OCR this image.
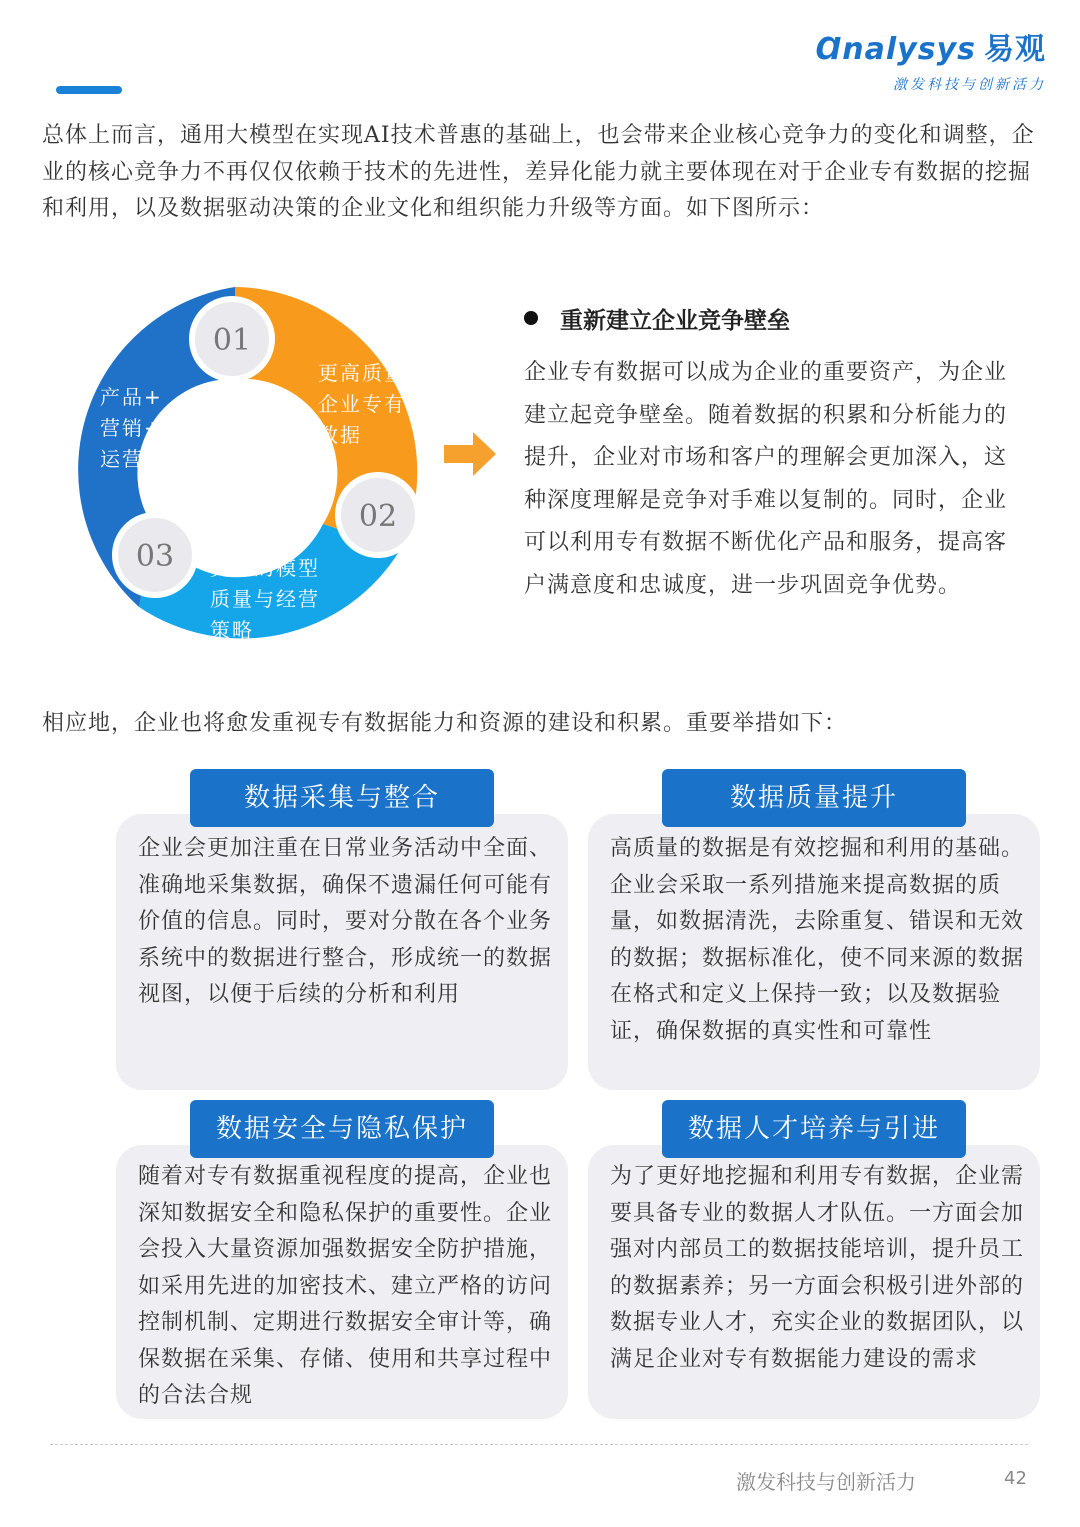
Ɑnalysys 易观
激发科技与创新活力

总体上而言，通用大模型在实现AI技术普惠的基础上，也会带来企业核心竞争力的变化和调整，企业的核心竞争力不再仅仅依赖于技术的先进性，差异化能力就主要体现在对于企业专有数据的挖掘和利用，以及数据驱动决策的企业文化和组织能力升级等方面。如下图所示：

01
02
03
产品+
营销+
运营
更高质量
企业专有
数据
更好的模型
质量与经营
策略
重新建立企业竞争壁垒

企业专有数据可以成为企业的重要资产，为企业建立起竞争壁垒。随着数据的积累和分析能力的提升，企业对市场和客户的理解会更加深入，这种深度理解是竞争对手难以复制的。同时，企业可以利用专有数据不断优化产品和服务，提高客户满意度和忠诚度，进一步巩固竞争优势。

相应地，企业也将愈发重视专有数据能力和资源的建设和积累。重要举措如下：

数据采集与整合

企业会更加注重在日常业务活动中全面、准确地采集数据，确保不遗漏任何可能有价值的信息。同时，要对分散在各个业务系统中的数据进行整合，形成统一的数据视图，以便于后续的分析和利用

数据质量提升

高质量的数据是有效挖掘和利用的基础。企业会采取一系列措施来提高数据的质量，如数据清洗，去除重复、错误和无效的数据；数据标准化，使不同来源的数据在格式和定义上保持一致；以及数据验证，确保数据的真实性和可靠性

数据安全与隐私保护

随着对专有数据重视程度的提高，企业也深知数据安全和隐私保护的重要性。企业会投入大量资源加强数据安全防护措施，如采用先进的加密技术、建立严格的访问控制机制、定期进行数据安全审计等，确保数据在采集、存储、使用和共享过程中的合法合规

数据人才培养与引进

为了更好地挖掘和利用专有数据，企业需要具备专业的数据人才队伍。一方面会加强对内部员工的数据技能培训，提升员工的数据素养；另一方面会积极引进外部的数据专业人才，充实企业的数据团队，以满足企业对专有数据能力建设的需求

激发科技与创新活力	42
